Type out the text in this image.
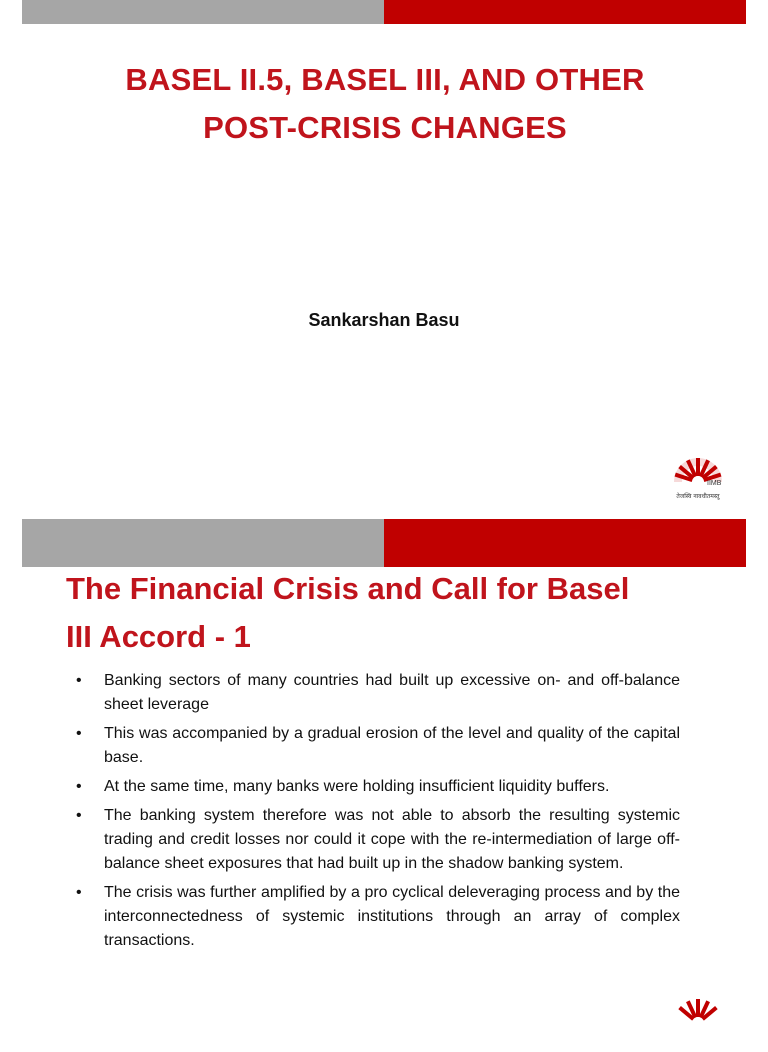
BASEL II.5, BASEL III, AND OTHER
POST-CRISIS CHANGES
Sankarshan Basu
IIMB
तेजस्वि नावधीतमस्तु
The Financial Crisis and Call for Basel
III Accord - 1
• Banking sectors of many countries had built up excessive on- and off-balance sheet leverage
• This was accompanied by a gradual erosion of the level and quality of the capital base.
• At the same time, many banks were holding insufficient liquidity buffers.
• The banking system therefore was not able to absorb the resulting systemic trading and credit losses nor could it cope with the re-intermediation of large off-balance sheet exposures that had built up in the shadow banking system.
• The crisis was further amplified by a pro cyclical deleveraging process and by the interconnectedness of systemic institutions through an array of complex transactions.
